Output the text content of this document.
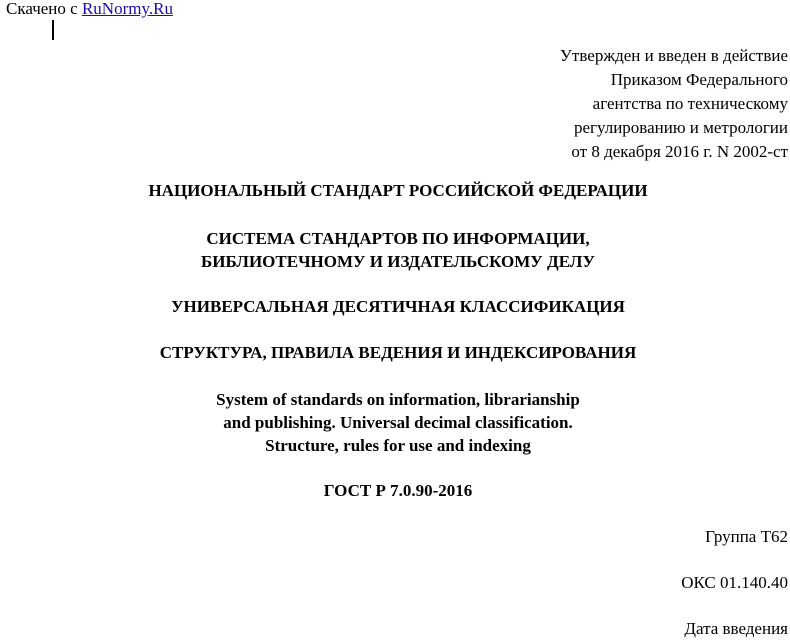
Скачено с RuNormy.Ru
Утвержден и введен в действие
Приказом Федерального
агентства по техническому
регулированию и метрологии
от 8 декабря 2016 г. N 2002-ст
НАЦИОНАЛЬНЫЙ СТАНДАРТ РОССИЙСКОЙ ФЕДЕРАЦИИ
СИСТЕМА СТАНДАРТОВ ПО ИНФОРМАЦИИ,
БИБЛИОТЕЧНОМУ И ИЗДАТЕЛЬСКОМУ ДЕЛУ
УНИВЕРСАЛЬНАЯ ДЕСЯТИЧНАЯ КЛАССИФИКАЦИЯ
СТРУКТУРА, ПРАВИЛА ВЕДЕНИЯ И ИНДЕКСИРОВАНИЯ
System of standards on information, librarianship
and publishing. Universal decimal classification.
Structure, rules for use and indexing
ГОСТ Р 7.0.90-2016
Группа Т62
ОКС 01.140.40
Дата введения
